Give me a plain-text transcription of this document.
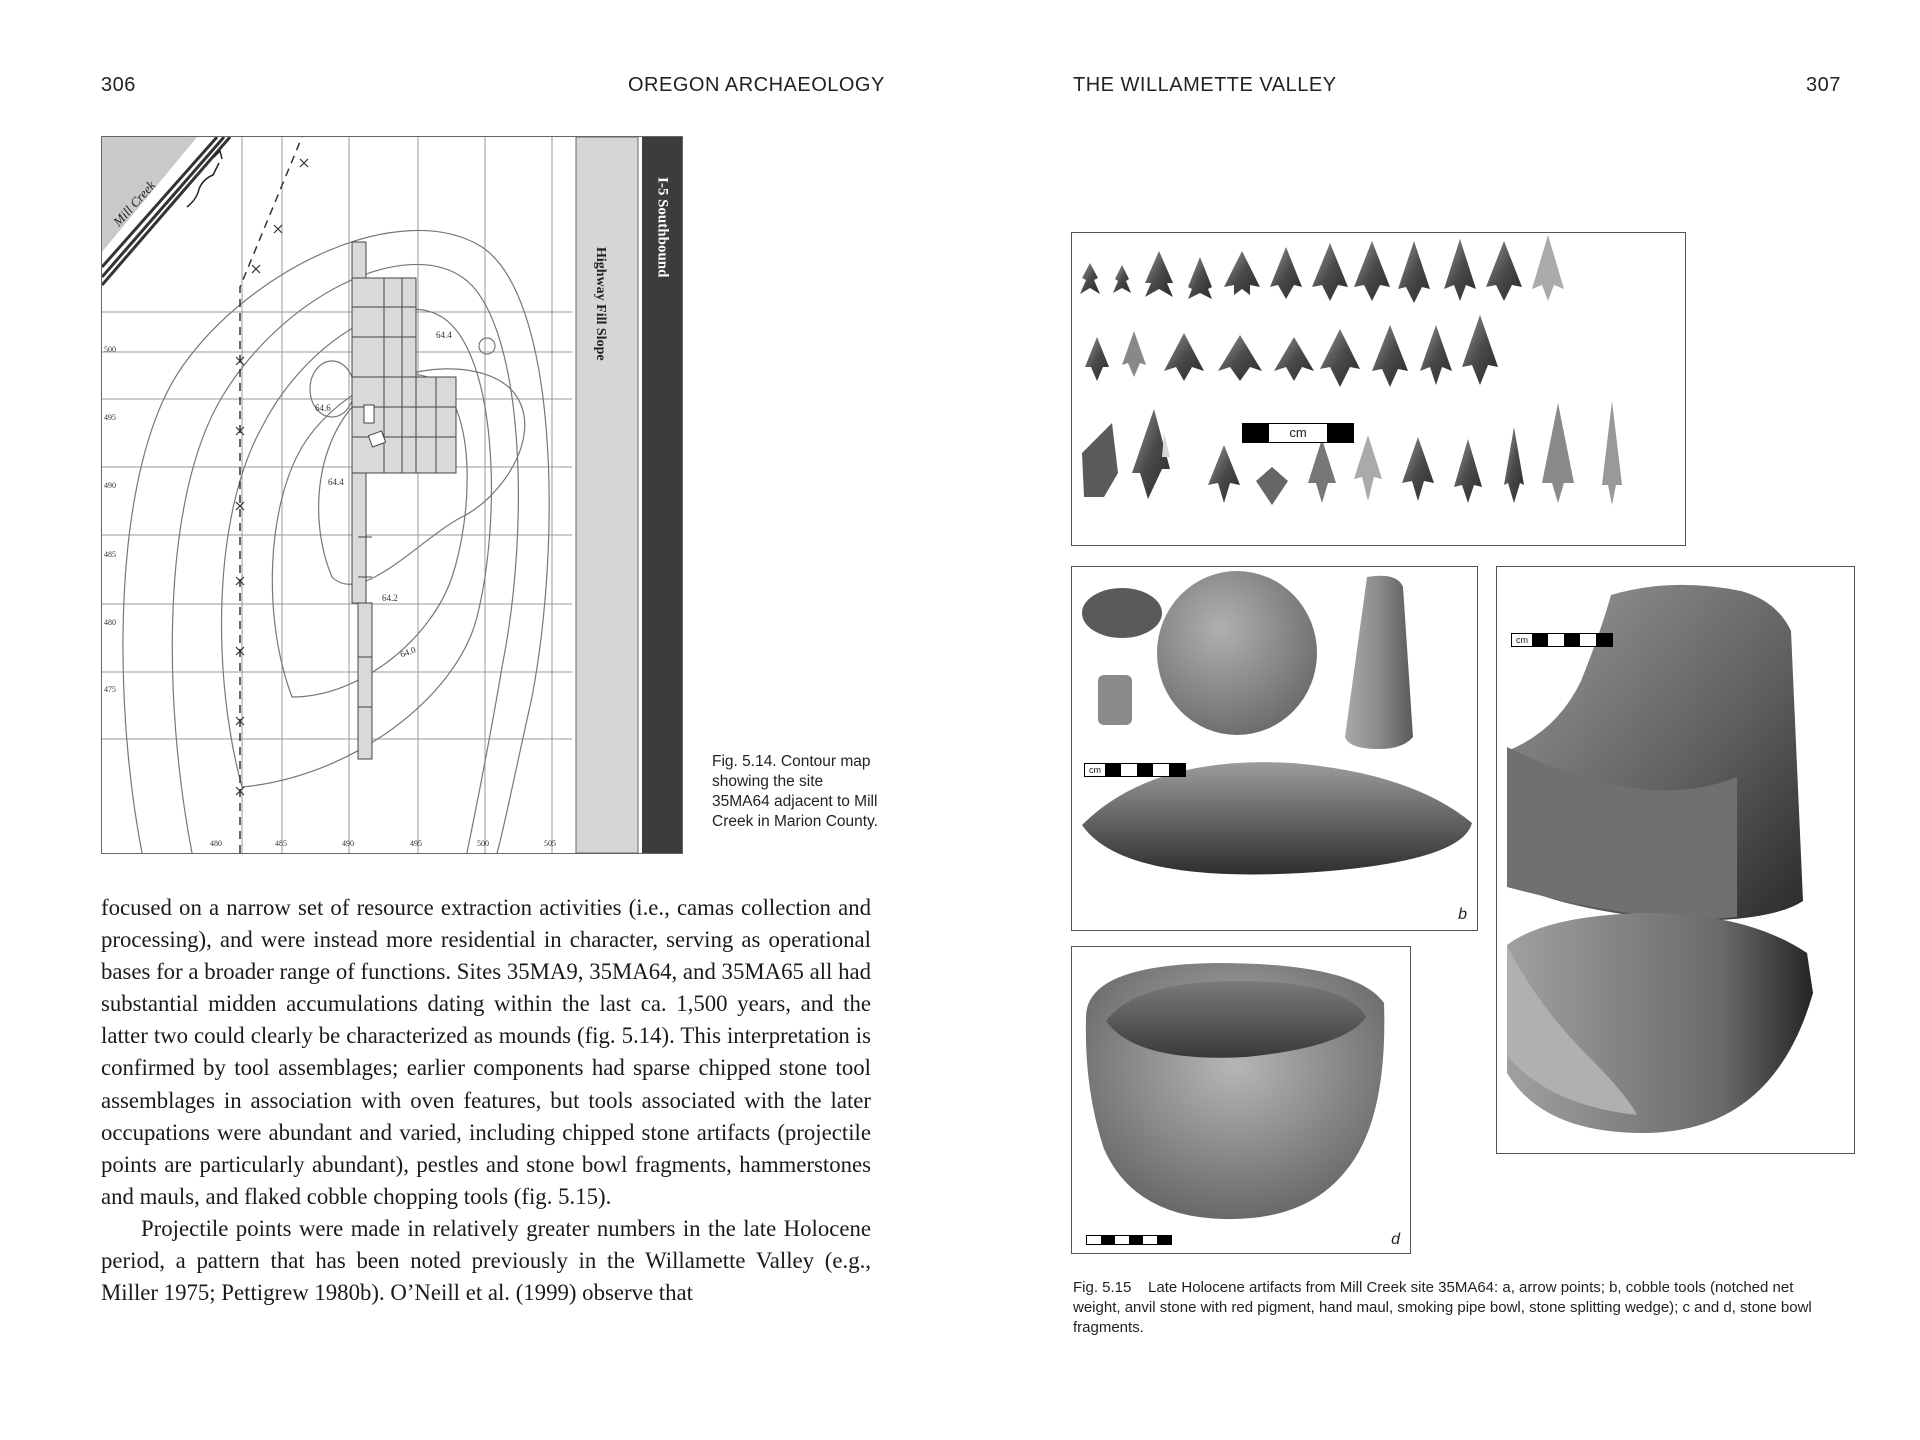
306	OREGON ARCHAEOLOGY	THE WILLAMETTE VALLEY	307
Mill Creek	I-5 Southbound
Highway Fill Slope
64.4
64.6
64.4
64.2
64.0
500
495
490
485
480
475
480	485	490	495	500	505
Fig. 5.14. Contour map showing the site 35MA64 adjacent to Mill Creek in Marion County.

focused on a narrow set of resource extraction activities (i.e., camas collection and processing), and were instead more residential in character, serving as operational bases for a broader range of functions. Sites 35MA9, 35MA64, and 35MA65 all had substantial midden accumulations dating within the last ca. 1,500 years, and the latter two could clearly be characterized as mounds (fig. 5.14). This interpretation is confirmed by tool assemblages; earlier components had sparse chipped stone tool assemblages in association with oven features, but tools associated with the later occupations were abundant and varied, including chipped stone artifacts (projectile points are particularly abundant), pestles and stone bowl fragments, hammerstones and mauls, and flaked cobble chopping tools (fig. 5.15).

Projectile points were made in relatively greater numbers in the late Holocene period, a pattern that has been noted previously in the Willamette Valley (e.g., Miller 1975; Pettigrew 1980b). O’Neill et al. (1999) observe that

cm
cm
b
cm
d
Fig. 5.15 Late Holocene artifacts from Mill Creek site 35MA64: a, arrow points; b, cobble tools (notched net weight, anvil stone with red pigment, hand maul, smoking pipe bowl, stone splitting wedge); c and d, stone bowl fragments.
